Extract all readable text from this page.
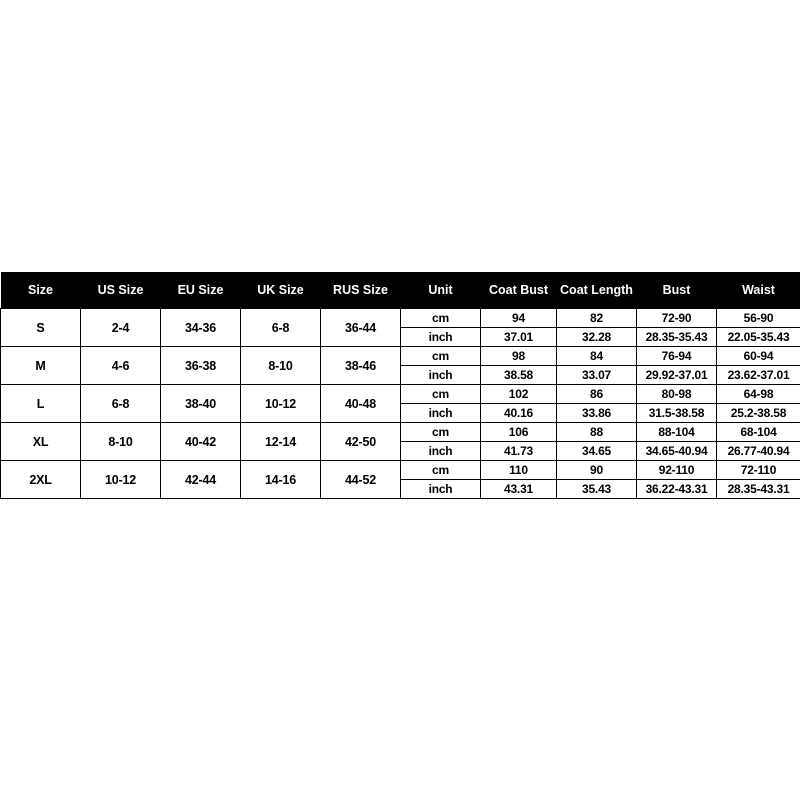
Size	US Size	EU Size	UK Size	RUS Size	Unit	Coat Bust	Coat Length	Bust	Waist
S	2-4	34-36	6-8	36-44	cm	94	82	72-90	56-90
					inch	37.01	32.28	28.35-35.43	22.05-35.43
M	4-6	36-38	8-10	38-46	cm	98	84	76-94	60-94
					inch	38.58	33.07	29.92-37.01	23.62-37.01
L	6-8	38-40	10-12	40-48	cm	102	86	80-98	64-98
					inch	40.16	33.86	31.5-38.58	25.2-38.58
XL	8-10	40-42	12-14	42-50	cm	106	88	88-104	68-104
					inch	41.73	34.65	34.65-40.94	26.77-40.94
2XL	10-12	42-44	14-16	44-52	cm	110	90	92-110	72-110
					inch	43.31	35.43	36.22-43.31	28.35-43.31
